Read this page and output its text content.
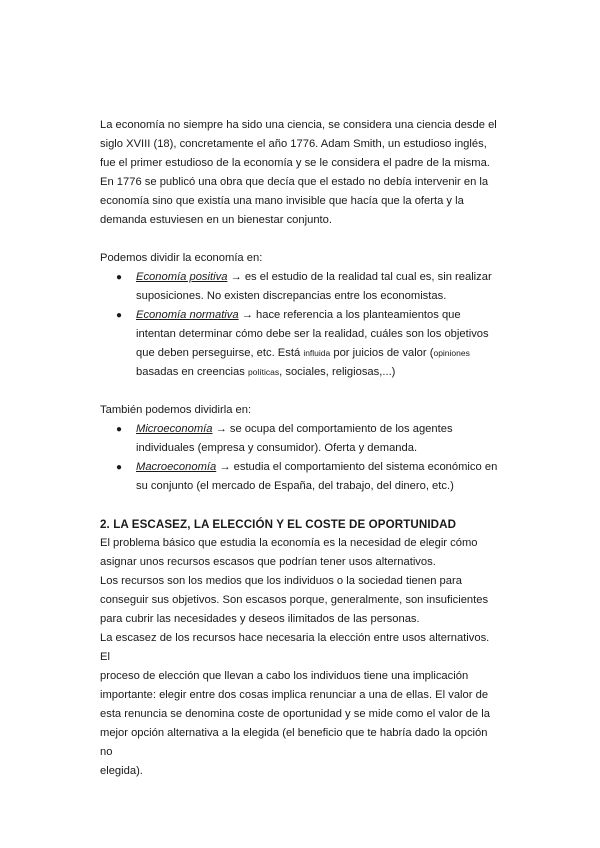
La economía no siempre ha sido una ciencia, se considera una ciencia desde el

siglo XVIII (18), concretamente el año 1776. Adam Smith, un estudioso inglés,

fue el primer estudioso de la economía y se le considera el padre de la misma.

En 1776 se publicó una obra que decía que el estado no debía intervenir en la

economía sino que existía una mano invisible que hacía que la oferta y la

demanda estuviesen en un bienestar conjunto.

Podemos dividir la economía en:

● Economía positiva → es el estudio de la realidad tal cual es, sin realizar

suposiciones. No existen discrepancias entre los economistas.

● Economía normativa → hace referencia a los planteamientos que

intentan determinar cómo debe ser la realidad, cuáles son los objetivos

que deben perseguirse, etc. Está influida por juicios de valor (opiniones

basadas en creencias políticas, sociales, religiosas,...)

También podemos dividirla en:

● Microeconomía → se ocupa del comportamiento de los agentes

individuales (empresa y consumidor). Oferta y demanda.

● Macroeconomía → estudia el comportamiento del sistema económico en

su conjunto (el mercado de España, del trabajo, del dinero, etc.)

2. LA ESCASEZ, LA ELECCIÓN Y EL COSTE DE OPORTUNIDAD

El problema básico que estudia la economía es la necesidad de elegir cómo

asignar unos recursos escasos que podrían tener usos alternativos.

Los recursos son los medios que los individuos o la sociedad tienen para

conseguir sus objetivos. Son escasos porque, generalmente, son insuficientes

para cubrir las necesidades y deseos ilimitados de las personas.

La escasez de los recursos hace necesaria la elección entre usos alternativos. El

proceso de elección que llevan a cabo los individuos tiene una implicación

importante: elegir entre dos cosas implica renunciar a una de ellas. El valor de

esta renuncia se denomina coste de oportunidad y se mide como el valor de la

mejor opción alternativa a la elegida (el beneficio que te habría dado la opción no

elegida).
